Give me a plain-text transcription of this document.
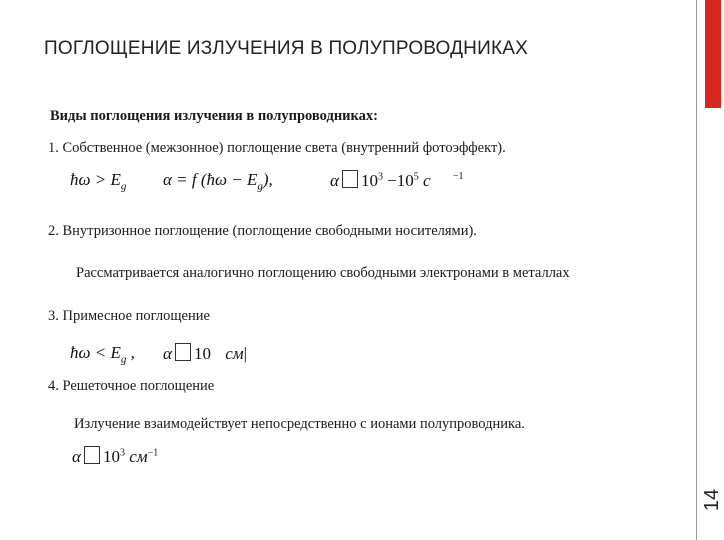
14
ПОГЛОЩЕНИЕ ИЗЛУЧЕНИЯ В ПОЛУПРОВОДНИКАХ
Виды поглощения излучения в полупроводниках:
1. Собственное (межзонное) поглощение света (внутренний фотоэффект).
ħω > $E_g$ α = f (ħω − $E_g$),	α $10^3 -10^5$ c $^{-1}$
2. Внутризонное поглощение (поглощение свободными носителями).
Рассматривается аналогично поглощению свободными электронами в металлах
3. Примесное поглощение
ħω < $E_g$ , α 10 cм|
4. Решеточное поглощение
Излучение взаимодействует непосредственно с ионами полупроводника.
α $10^3$ $cм^{-1}$
